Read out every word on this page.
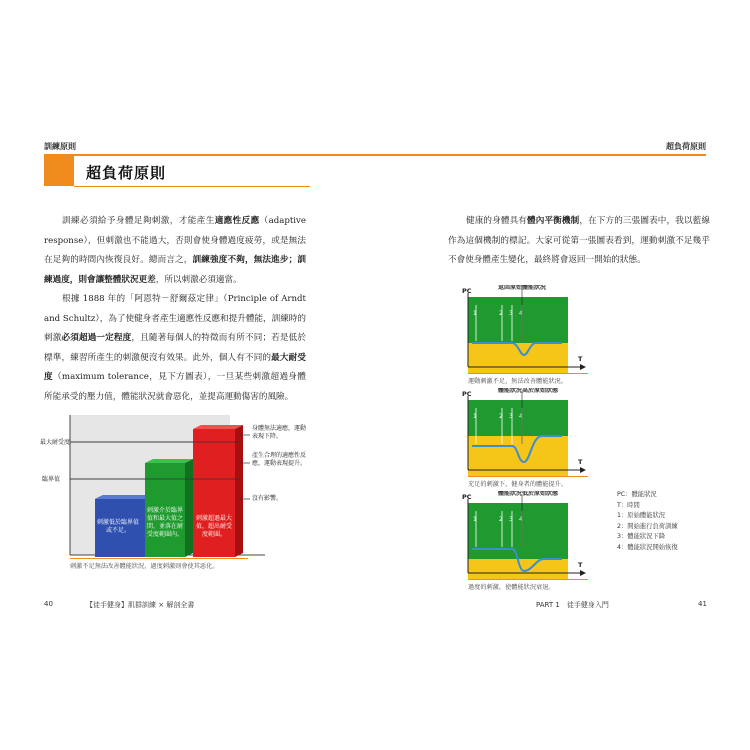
訓練原則	超負荷原則
超負荷原則

訓練必須給予身體足夠刺激，才能產生適應性反應（adaptive response），但刺激也不能過大，否則會使身體過度疲勞，或是無法在足夠的時間內恢復良好。總而言之，訓練強度不夠，無法進步；訓練過度，則會讓整體狀況更差，所以刺激必須適當。

根據 1888 年的「阿恩特－舒爾茲定律」（Principle of Arndt and Schultz），為了使健身者產生適應性反應和提升體能，訓練時的刺激必須超過一定程度，且隨著每個人的特徵而有所不同；若是低於標準，練習所產生的刺激便沒有效果。此外，個人有不同的最大耐受度（maximum tolerance，見下方圖表），一旦某些刺激超過身體所能承受的壓力值，體能狀況就會惡化，並提高運動傷害的風險。

健康的身體具有體內平衡機制，在下方的三張圖表中，我以藍線作為這個機制的標記。大家可從第一張圖表看到，運動刺激不足幾乎不會使身體產生變化，最終將會返回一開始的狀態。

最大耐受度
臨界值
刺激低於臨界值或不足。
刺激介於臨界值和最大值之間，並落在耐受度範圍內。
刺激超過最大值，超出耐受度範圍。
身體無法適應，運動表現下降。
產生合理的適應性反應，運動表現提升。
沒有影響。
刺激不足無法改善體能狀況，過度刺激則會使其惡化。
1	2 3 4
PC
T
返回原始體能狀況
運動刺激不足，無法改善體能狀況。
1	2 3 4
PC
T
體能狀況高於原始狀態
充足的刺激下，健身者的體能提升。
1	2 3 4
PC
T
體能狀況低於原始狀態
過度的刺激，使體能狀況衰退。
PC：體能狀況
T：時間
1：原始體能狀況
2：開始進行負荷訓練
3：體能狀況下降
4：體能狀況開始恢復
40	【徒手健身】肌群訓練 × 解剖全書	PART 1　徒手健身入門	41
